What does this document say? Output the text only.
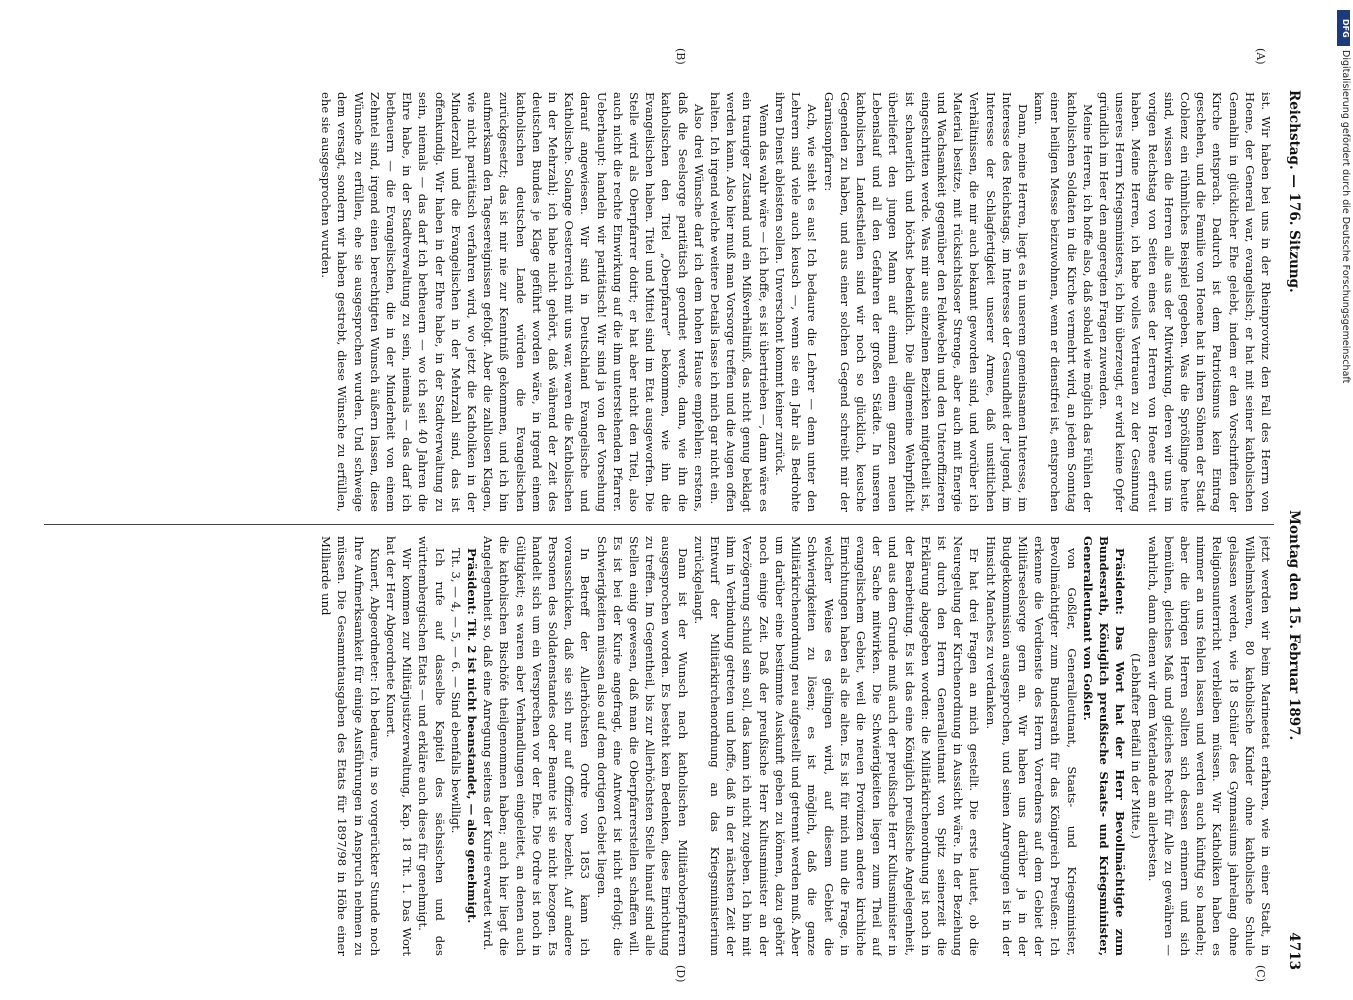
Reichstag. — 176. Sitzung.
Montag den 15. Februar 1897.
4713
(A)
(B)
(C)
(D)

ist. Wir haben bei uns in der Rheinprovinz den Fall des Herrn von Hoene, der General war, evangelisch; er hat mit seiner katholischen Gemahlin in glücklicher Ehe gelebt, indem er den Vorschriften der Kirche entsprach. Dadurch ist dem Patriotismus kein Eintrag geschehen, und die Familie von Hoene hat in ihren Söhnen der Stadt Coblenz ein rühmliches Beispiel gegeben. Was die Sprößlinge heute sind, wissen die Herren alle aus der Mitwirkung, deren wir uns im vorigen Reichstag von Seiten eines der Herren von Hoene erfreut haben. Meine Herren, ich habe volles Vertrauen zu der Gesinnung unseres Herrn Kriegsministers, ich bin überzeugt, er wird keine Opfer gründlich im Heer den angeregten Fragen zuwenden.

Meine Herren, ich hoffe also, daß sobald wie möglich das Fühlen der katholischen Soldaten in die Kirche vermehrt wird, an jedem Sonntag einer heiligen Messe beizuwohnen, wenn er dienstfrei ist, entsprochen kann.

Dann, meine Herren, liegt es in unserem gemeinsamen Interesse, im Interesse des Reichstags, im Interesse der Gesundheit der Jugend, im Interesse der Schlagfertigkeit unserer Armee, daß unsittlichen Verhältnissen, die mir auch bekannt geworden sind, und worüber ich Material besitze, mit rücksichtsloser Strenge, aber auch mit Energie und Wachsamkeit gegenüber den Feldwebeln und den Unteroffizieren eingeschritten werde. Was mir aus einzelnen Bezirken mitgetheilt ist, ist schauerlich und höchst bedenklich. Die allgemeine Wehrpflicht überliefert den jungen Mann auf einmal einem ganzen neuen Lebenslauf und all den Gefahren der großen Städte. In unseren katholischen Landestheilen sind wir noch so glücklich, keusche Gegenden zu haben, und aus einer solchen Gegend schreibt mir der Garnisonpfarrer:

Ach, wie sieht es aus! Ich bedaure die Lehrer — denn unter den Lehrern sind viele auch keusch —, wenn sie ein Jahr als Bedrohte ihren Dienst ableisten sollen. Unverschont kommt keiner zurück.

Wenn das wahr wäre — ich hoffe, es ist übertrieben —, dann wäre es ein trauriger Zustand und ein Mißverhältniß, das nicht genug beklagt werden kann. Also hier muß man Vorsorge treffen und die Augen offen halten. Ich irgend welche weitere Details lasse ich mich gar nicht ein.

Also drei Wünsche darf ich dem hohen Hause empfehlen: erstens, daß die Seelsorge paritätisch geordnet werde, dann, wie ihn die katholischen den Titel „Oberpfarrer“ bekommen, wie ihn die Evangelischen haben. Titel und Mittel sind im Etat ausgeworfen. Die Stelle wird als Oberpfarrer dotirt; er hat aber nicht den Titel, also auch nicht die rechte Einwirkung auf die ihm unterstehenden Pfarrer. Ueberhaupt: handeln wir paritätisch! Wir sind ja von der Vorsehung darauf angewiesen. Wir sind in Deutschland Evangelische und Katholische. Solange Oesterreich mit uns war, waren die Katholischen in der Mehrzahl; ich habe nicht gehört, daß während der Zeit des deutschen Bundes je Klage geführt worden wäre, in irgend einem katholischen deutschen Lande würden die Evangelischen zurückgesetzt; das ist mir nie zur Kenntniß gekommen, und ich bin aufmerksam den Tagesereignissen gefolgt. Aber die zahllosen Klagen, wie nicht paritätisch verfahren wird, wo jetzt die Katholiken in der Minderzahl und die Evangelischen in der Mehrzahl sind, das ist offenkundig. Wir haben in der Ehre habe, in der Stadtverwaltung zu sein, niemals — das darf ich betheuern — wo ich seit 40 Jahren die Ehre habe, in der Stadtverwaltung zu sein, niemals — das darf ich betheuern — die Evangelischen, die in der Minderheit von einem Zehntel sind, irgend einen berechtigten Wunsch äußern lassen, diese Wünsche zu erfüllen, ehe sie ausgesprochen wurden. Und schweige dem versagt, sondern wir haben gestrebt, diese Wünsche zu erfüllen, ehe sie ausgesprochen wurden.

jetzt werden wir beim Marineetat erfahren, wie in einer Stadt, in Wilhelmshaven, 80 katholische Kinder ohne katholische Schule gelassen werden, wie 18 Schüler des Gymnasiums jahrelang ohne Religionsunterricht verbleiben müssen. Wir Katholiken haben es nimmer an uns fehlen lassen und werden auch künftig so handeln; aber die übrigen Herren sollten sich dessen erinnern und sich bemühen, gleiches Maß und gleiches Recht für Alle zu gewähren — wahrlich, dann dienen wir dem Vaterlande am allerbesten.

(Lebhafter Beifall in der Mitte.)

Präsident: Das Wort hat der Herr Bevollmächtigte zum Bundesrath, Königlich preußische Staats- und Kriegsminister, Generalleutnant von Goßler.

von Goßler, Generalleutnant, Staats- und Kriegsminister, Bevollmächtigter zum Bundesrath für das Königreich Preußen: Ich erkenne die Verdienste des Herrn Vorredners auf dem Gebiet der Militärseelsorge gern an. Wir haben uns darüber ja in der Budgetkommission ausgesprochen, und seinen Anregungen ist in der Hinsicht Manches zu verdanken.

Er hat drei Fragen an mich gestellt. Die erste lautet, ob die Neuregelung der Kirchenordnung in Aussicht wäre. In der Beziehung ist durch den Herrn Generalleutnant von Spitz seinerzeit die Erklärung abgegeben worden: die Militärkirchenordnung ist noch in der Bearbeitung. Es ist das eine Königlich preußische Angelegenheit, und aus dem Grunde muß auch der preußische Herr Kultusminister in der Sache mitwirken. Die Schwierigkeiten liegen zum Theil auf evangelischem Gebiet, weil die neuen Provinzen andere kirchliche Einrichtungen haben als die alten. Es ist für mich nun die Frage, in welcher Weise es gelingen wird, auf diesem Gebiet die Schwierigkeiten zu lösen; es ist möglich, daß die ganze Militärkirchenordnung neu aufgestellt und getrennt werden muß. Aber um darüber eine bestimmte Auskunft geben zu können, dazu gehört noch einige Zeit. Daß der preußische Herr Kultusminister an der Verzögerung schuld sein soll, das kann ich nicht zugeben. Ich bin mit ihm in Verbindung getreten und hoffe, daß in der nächsten Zeit der Entwurf der Militärkirchenordnung an das Kriegsministerium zurückgelangt.

Dann ist der Wunsch nach katholischen Militäroberpfarrern ausgesprochen worden. Es besteht kein Bedenken, diese Einrichtung zu treffen. Im Gegentheil, bis zur Allerhöchsten Stelle hinauf sind alle Stellen einig gewesen, daß man die Oberpfarrerstellen schaffen will. Es ist bei der Kurie angefragt, eine Antwort ist nicht erfolgt; die Schwierigkeiten müssen also auf dem dortigen Gebiet liegen.

In Betreff der Allerhöchsten Ordre von 1853 kann ich vorausschicken, daß sie sich nur auf Offiziere bezieht. Auf andere Personen des Soldatenstandes oder Beamte ist sie nicht bezogen. Es handelt sich um ein Versprechen vor der Ehe. Die Ordre ist noch in Gültigkeit; es waren aber Verhandlungen eingeleitet, an denen auch die katholischen Bischöfe theilgenommen haben; auch hier liegt die Angelegenheit so, daß eine Anregung seitens der Kurie erwartet wird.

Präsident: Tit. 2 ist nicht beanstandet, — also genehmigt.

Tit. 3, — 4, — 5, — 6. — Sind ebenfalls bewilligt.

Ich rufe auf dasselbe Kapitel des sächsischen und des württembergischen Etats — und erkläre auch diese für genehmigt.

Wir kommen zur Militärjustizverwaltung, Kap. 18 Tit. 1. Das Wort hat der Herr Abgeordnete Kunert.

Kunert, Abgeordneter: Ich bedaure, in so vorgerückter Stunde noch Ihre Aufmerksamkeit für einige Ausführungen in Anspruch nehmen zu müssen. Die Gesammtausgaben des Etats für 1897/98 in Höhe einer Milliarde und

DFG
Digitalisierung gefördert durch die Deutsche Forschungsgemeinschaft
